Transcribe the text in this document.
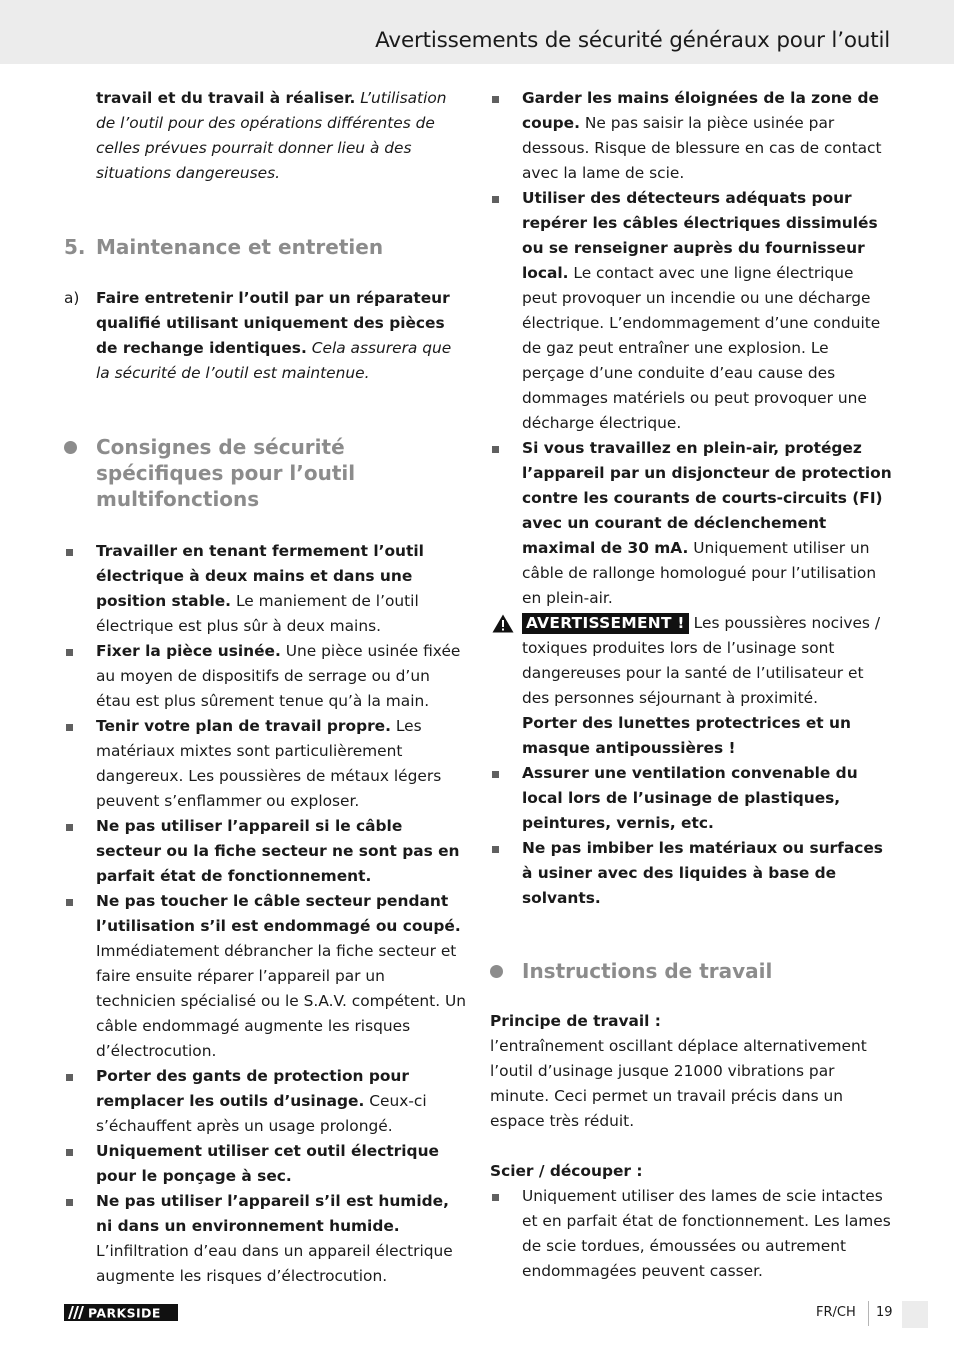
Avertissements de sécurité généraux pour l’outil

travail et du travail à réaliser. L’utilisation de l’outil pour des opérations différentes de celles prévues pourrait donner lieu à des situations dangereuses.

5. Maintenance et entretien

a) Faire entretenir l’outil par un réparateur qualifié utilisant uniquement des pièces de rechange identiques. Cela assurera que la sécurité de l’outil est maintenue.

Consignes de sécurité spécifiques pour l’outil multifonctions

Travailler en tenant fermement l’outil électrique à deux mains et dans une position stable. Le maniement de l’outil électrique est plus sûr à deux mains.

Fixer la pièce usinée. Une pièce usinée fixée au moyen de dispositifs de serrage ou d’un étau est plus sûrement tenue qu’à la main.

Tenir votre plan de travail propre. Les matériaux mixtes sont particulièrement dangereux. Les poussières de métaux légers peuvent s’enflammer ou exploser.

Ne pas utiliser l’appareil si le câble secteur ou la fiche secteur ne sont pas en parfait état de fonctionnement.

Ne pas toucher le câble secteur pendant l’utilisation s’il est endommagé ou coupé. Immédiatement débrancher la fiche secteur et faire ensuite réparer l’appareil par un technicien spécialisé ou le S.A.V. compétent. Un câble endommagé augmente les risques d’électrocution.

Porter des gants de protection pour remplacer les outils d’usinage. Ceux-ci s’échauffent après un usage prolongé.

Uniquement utiliser cet outil électrique pour le ponçage à sec.

Ne pas utiliser l’appareil s’il est humide, ni dans un environnement humide. L’infiltration d’eau dans un appareil électrique augmente les risques d’électrocution.

Garder les mains éloignées de la zone de coupe. Ne pas saisir la pièce usinée par dessous. Risque de blessure en cas de contact avec la lame de scie.

Utiliser des détecteurs adéquats pour repérer les câbles électriques dissimulés ou se renseigner auprès du fournisseur local. Le contact avec une ligne électrique peut provoquer un incendie ou une décharge électrique. L’endommagement d’une conduite de gaz peut entraîner une explosion. Le perçage d’une conduite d’eau cause des dommages matériels ou peut provoquer une décharge électrique.

Si vous travaillez en plein-air, protégez l’appareil par un disjoncteur de protection contre les courants de courts-circuits (FI) avec un courant de déclenchement maximal de 30 mA. Uniquement utiliser un câble de rallonge homologué pour l’utilisation en plein-air.

AVERTISSEMENT ! Les poussières nocives / toxiques produites lors de l’usinage sont dangereuses pour la santé de l’utilisateur et des personnes séjournant à proximité.
Porter des lunettes protectrices et un masque antipoussières !

Assurer une ventilation convenable du local lors de l’usinage de plastiques, peintures, vernis, etc.

Ne pas imbiber les matériaux ou surfaces à usiner avec des liquides à base de solvants.

Instructions de travail

Principe de travail :

l’entraînement oscillant déplace alternativement l’outil d’usinage jusque 21000 vibrations par minute. Ceci permet un travail précis dans un espace très réduit.

Scier / découper :

Uniquement utiliser des lames de scie intactes et en parfait état de fonctionnement. Les lames de scie tordues, émoussées ou autrement endommagées peuvent casser.

PARKSIDE	FR/CH 19
